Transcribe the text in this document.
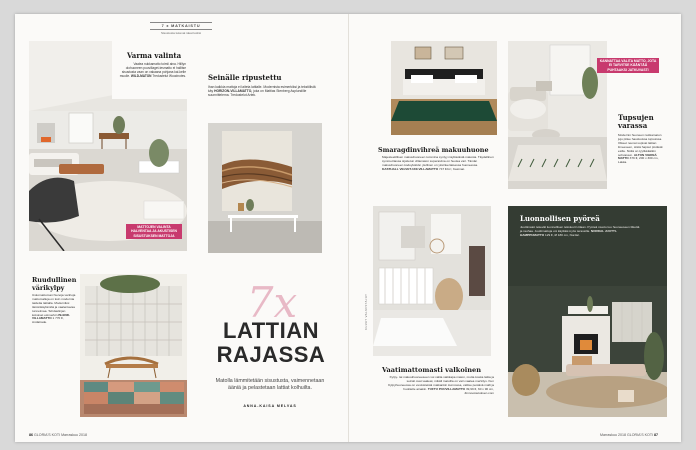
7 x MATKAISTU
Sisustusta tukevat ideat kotiisi
Varma valinta
Vaalea nukkamatto toimii aina. Hiillyn olohuoneen puuvillaget-tesmatto ei hallitse sisustusta vaan on vakaana pohjana kai-kelle muulle. WILD-MATON Tredustelut Woodnotes.
MATTOJEN VALINTA HALVENTAA JA AKUSTISEN SISUSTUKSEN MATTOJA
Seinälle ripustettu
Ihan kaikkia mattoja ei laiteta lattialle. Modernista esimerkiksi ja tekstiilistä käy HORIZON-VILLAMATTO, joka on Mattias Stenberg Asplundille suunnittelema. Tredustelut Artek.
Ruudullinen värikylpy
Uskomattoman hienoja vanhoja mattomalleja on kuin modernia taidetta lattialla. Moderniksi tämänkäytäntöä ja vaalentavaa tunnelmaa. Tehdaslinjan kokoiset esimerkin BLEND-VILLAMATTO 1 770 €, Andatrade.	7x
LATTIAN
RAJASSA
Matolla lämmitetään sisustusta, vaimennetaan ääniä ja pelastetaan lattiat kolhuilta.
ANNA-KAISA MELVAS
86 GLORIA'S KOTI Marraskuu 2018
Smaragdinvihreä makuuhuone
Majesteetillisen makuuhuoneen tummina syntyy näyttävästä matosta. Täydellinen symmetriassa sijoitetun villamaton superaivina on huolea vari. Tämän makuuhuoneen kodoyksikön ylellinen on yksinkertaisessa huoneessa. KASTHALL VELVET-UNI-VILLAMATTO 747 €/m², Kasimat.
KANNATTAA VALITA MATTO, JOTA EI TARVITSE KÄÄNTÄÄ PUHTAAKSI JATKUVASTI
Tupsujen varassa
Modernin huoneen nukkamaton juju piilee hauskoissa tupsuissa. Olkeet reunat sopivat lattian ilmeeseen, siistä hapsut pistävät esille. Nöitä on tyylikkäätkin sohvaiuun. ALTON VIHREÄ MATTO 379 €, 200 x 300 cm, Lakka.
KUVAT VALMISTAJAT
Vaatimattomasti valkoinen
Kylpy- tai makuuhuoneeseen voi valita vaikkapa maton, mutta koska lattia ja seinät ovat vaaleat, mikäli matoilla on vain vaalea merkitys. Kun Kylpyhuoneessa on vesiväreistä matkankin kunnossa, valitse pestävä malli ja huolitelle ainakin. TUFTU PUUVILLAMATTO 39,99 €, 60 x 90 cm, Jimnoostetuksen.com
Luonnollisen pyöreä
Juuttimatot tekevät luonnollisen tekstuurin tilaan. Pyöreä muoto tuo huoneeseen liikettä ja rauhaa. Juuttimattoja voi käyttää myös terassilla. NORDAL JUUTTI-HAMPPUMATTO 129 €, Ø 180 cm, Nordal.
Marraskuu 2018 GLORIA'S KOTI 87
